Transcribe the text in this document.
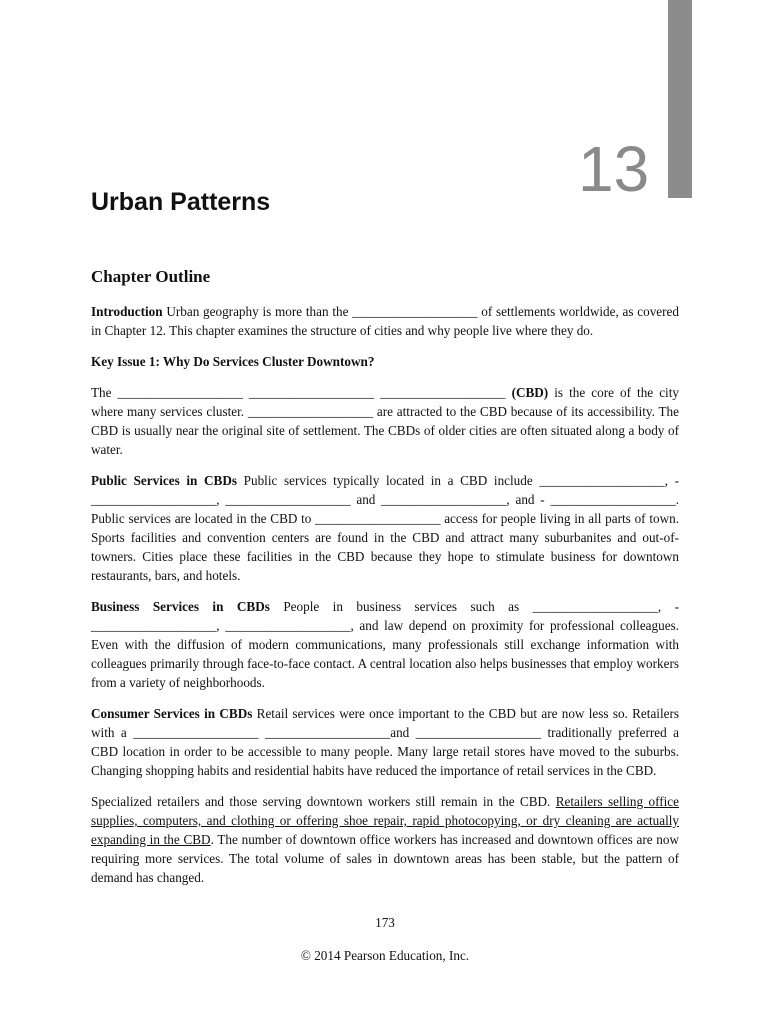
13
Urban Patterns
Chapter Outline

Introduction Urban geography is more than the ___________________ of settlements worldwide, as covered in Chapter 12. This chapter examines the structure of cities and why people live where they do.

Key Issue 1: Why Do Services Cluster Downtown?

The ___________________ ___________________ ___________________ (CBD) is the core of the city where many services cluster. ___________________ are attracted to the CBD because of its accessibility. The CBD is usually near the original site of settlement. The CBDs of older cities are often situated along a body of water.

Public Services in CBDs Public services typically located in a CBD include ___________________, - ___________________, ___________________ and ___________________, and - ___________________. Public services are located in the CBD to ___________________ access for people living in all parts of town. Sports facilities and convention centers are found in the CBD and attract many suburbanites and out-of-towners. Cities place these facilities in the CBD because they hope to stimulate business for downtown restaurants, bars, and hotels.

Business Services in CBDs People in business services such as ___________________, - ___________________, ___________________, and law depend on proximity for professional colleagues. Even with the diffusion of modern communications, many professionals still exchange information with colleagues primarily through face-to-face contact. A central location also helps businesses that employ workers from a variety of neighborhoods.

Consumer Services in CBDs Retail services were once important to the CBD but are now less so. Retailers with a ___________________ ___________________and ___________________ traditionally preferred a CBD location in order to be accessible to many people. Many large retail stores have moved to the suburbs. Changing shopping habits and residential habits have reduced the importance of retail services in the CBD.

Specialized retailers and those serving downtown workers still remain in the CBD. Retailers selling office supplies, computers, and clothing or offering shoe repair, rapid photocopying, or dry cleaning are actually expanding in the CBD. The number of downtown office workers has increased and downtown offices are now requiring more services. The total volume of sales in downtown areas has been stable, but the pattern of demand has changed.

173
© 2014 Pearson Education, Inc.
